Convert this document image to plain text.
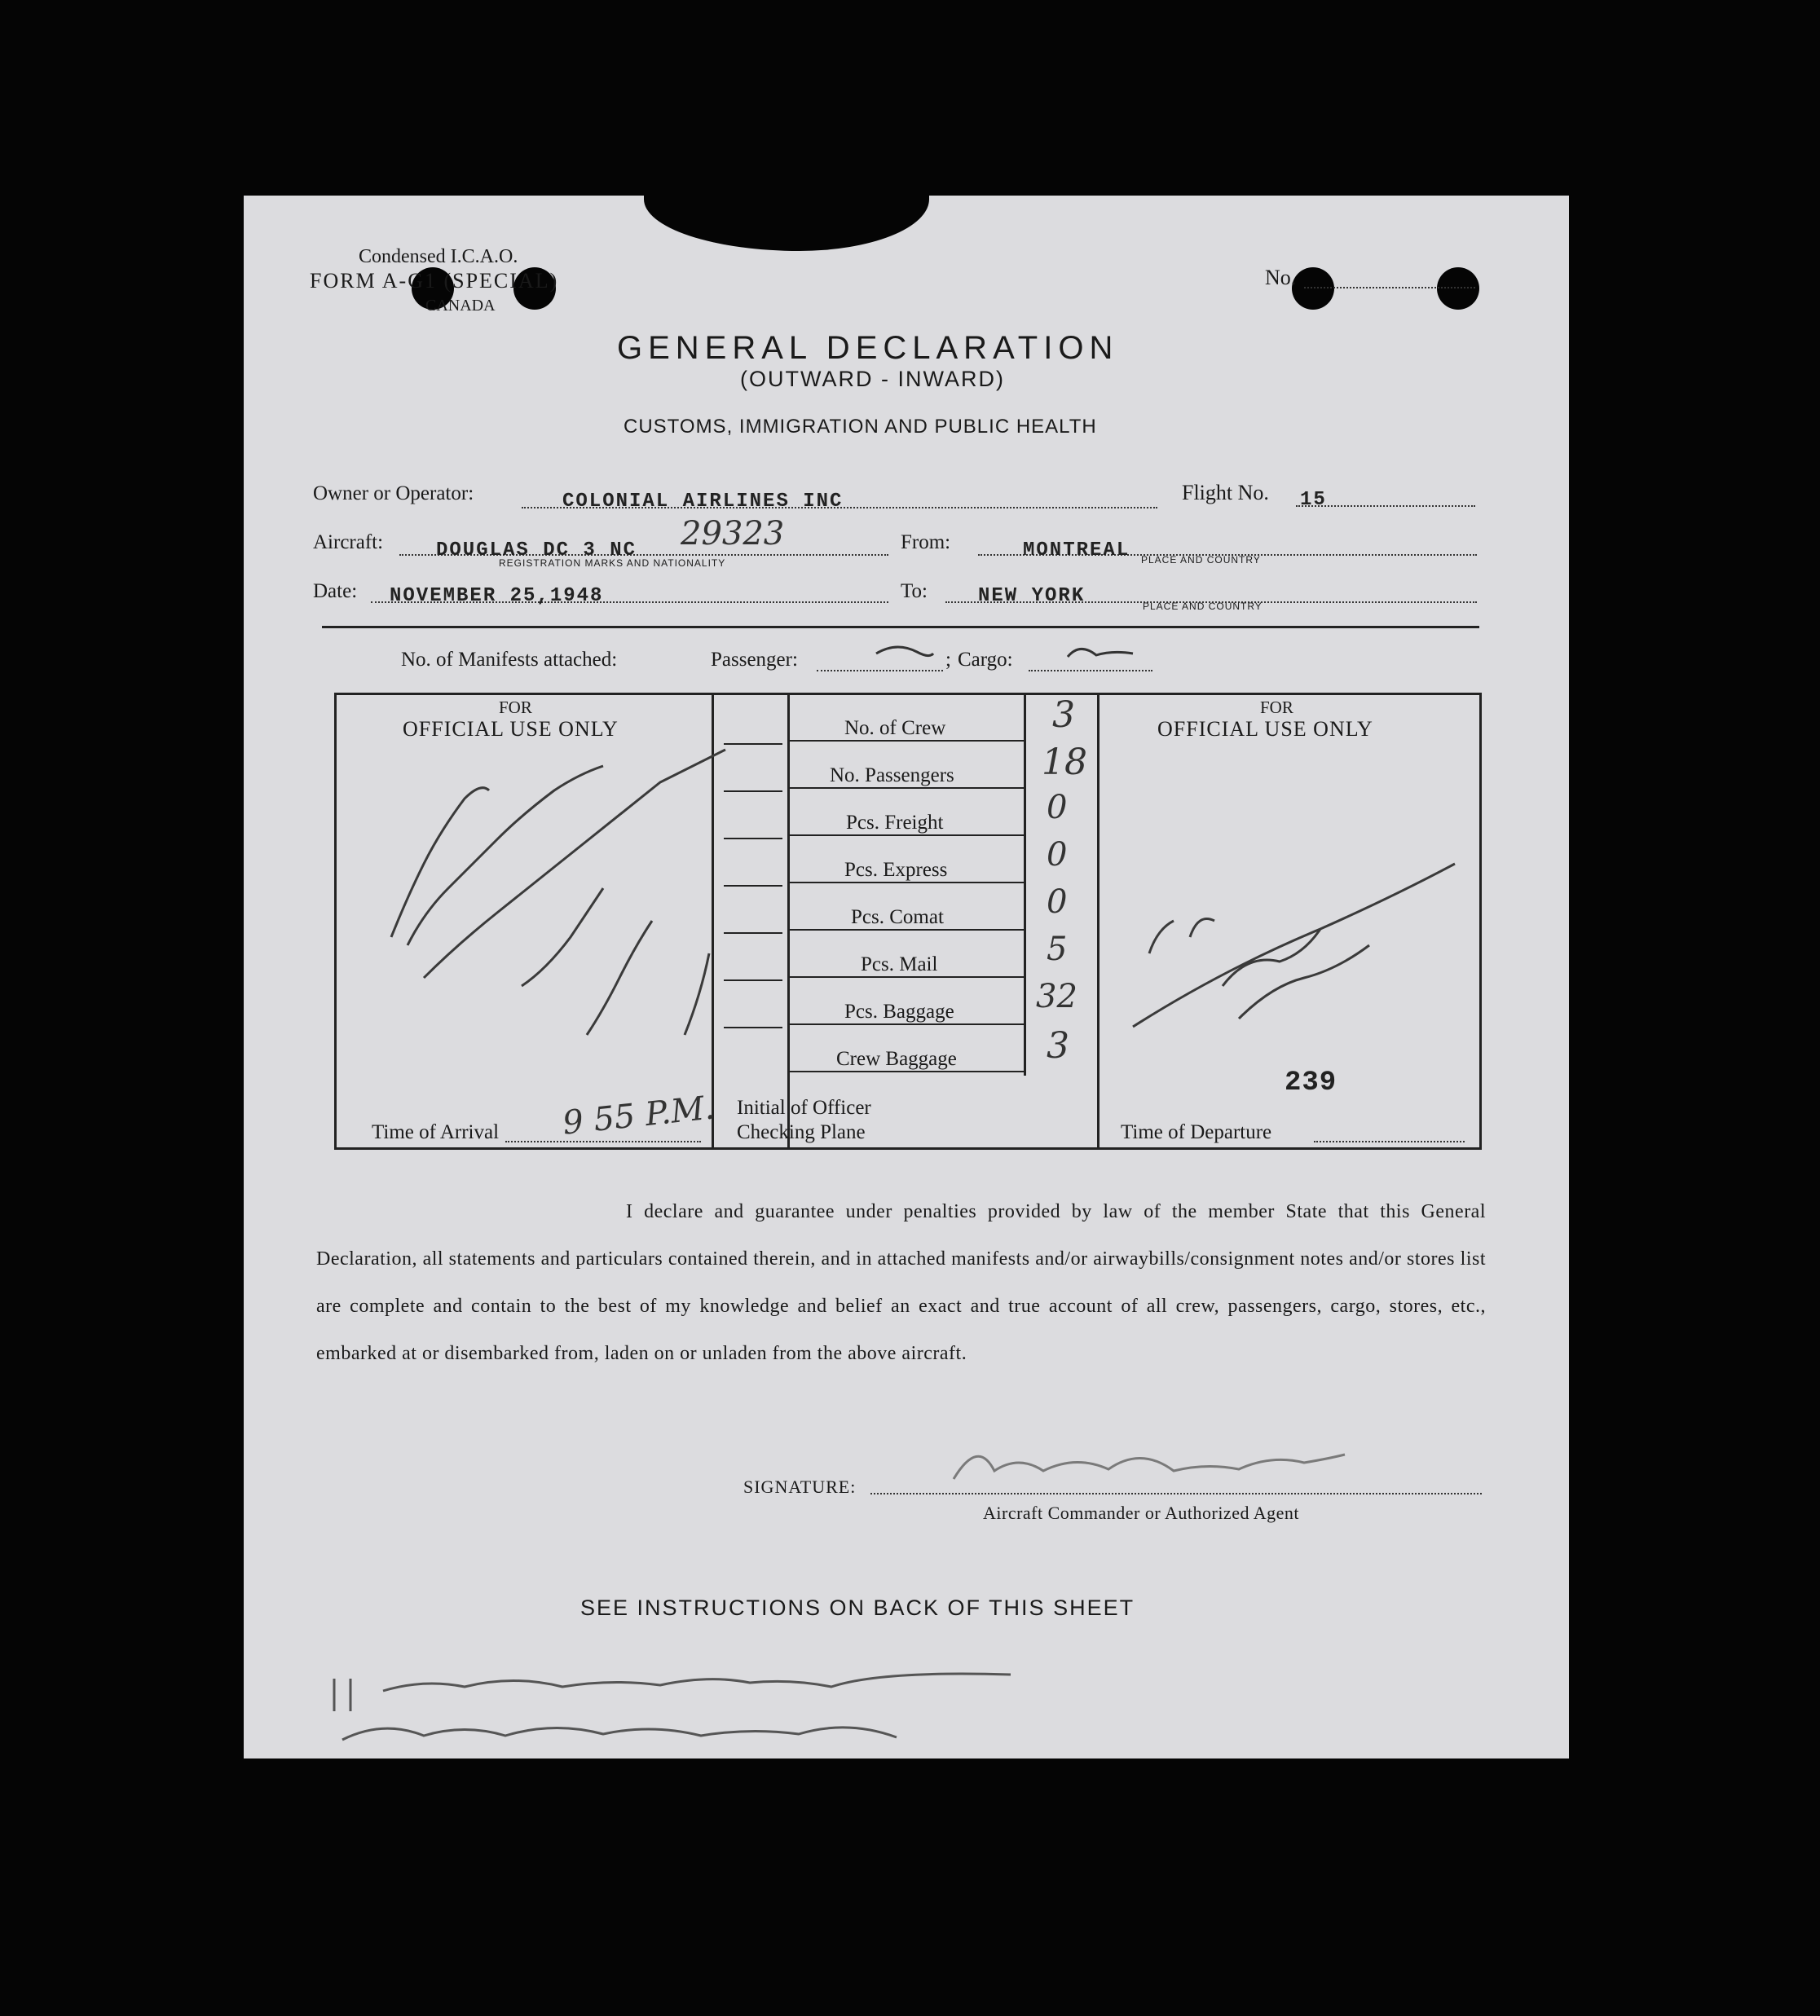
Condensed I.C.A.O.
FORM A-G1 (SPECIAL)
CANADA
No.
GENERAL DECLARATION
(OUTWARD - INWARD)
CUSTOMS, IMMIGRATION AND PUBLIC HEALTH
Owner or Operator:	COLONIAL AIRLINES INC	Flight No. 15
Aircraft:	DOUGLAS DC 3 NC 29323
REGISTRATION MARKS AND NATIONALITY
From:	MONTREAL PLACE AND COUNTRY
Date: NOVEMBER 25,1948	To:	NEW YORK	PLACE AND COUNTRY
No. of Manifests attached:	Passenger:	; Cargo:
No. of Crew	3
No. Passengers 18
Pcs. Freight	0
Pcs. Express	0
Pcs. Comat	0
Pcs. Mail	5
Pcs. Baggage	32
Crew Baggage	3
FOR
OFFICIAL USE ONLY
Time of Arrival 9 55 P.M.
FOR
OFFICIAL USE ONLY
239
Time of Departure
Initial of Officer
Checking Plane
I declare and guarantee under penalties provided by law of the member State that this General Declaration, all statements and particulars contained therein, and in attached manifests and/or airwaybills/consignment notes and/or stores list are complete and contain to the best of my knowledge and belief an exact and true account of all crew, passengers, cargo, stores, etc., embarked at or disembarked from, laden on or unladen from the above aircraft.
SIGNATURE:
Aircraft Commander or Authorized Agent
SEE INSTRUCTIONS ON BACK OF THIS SHEET
